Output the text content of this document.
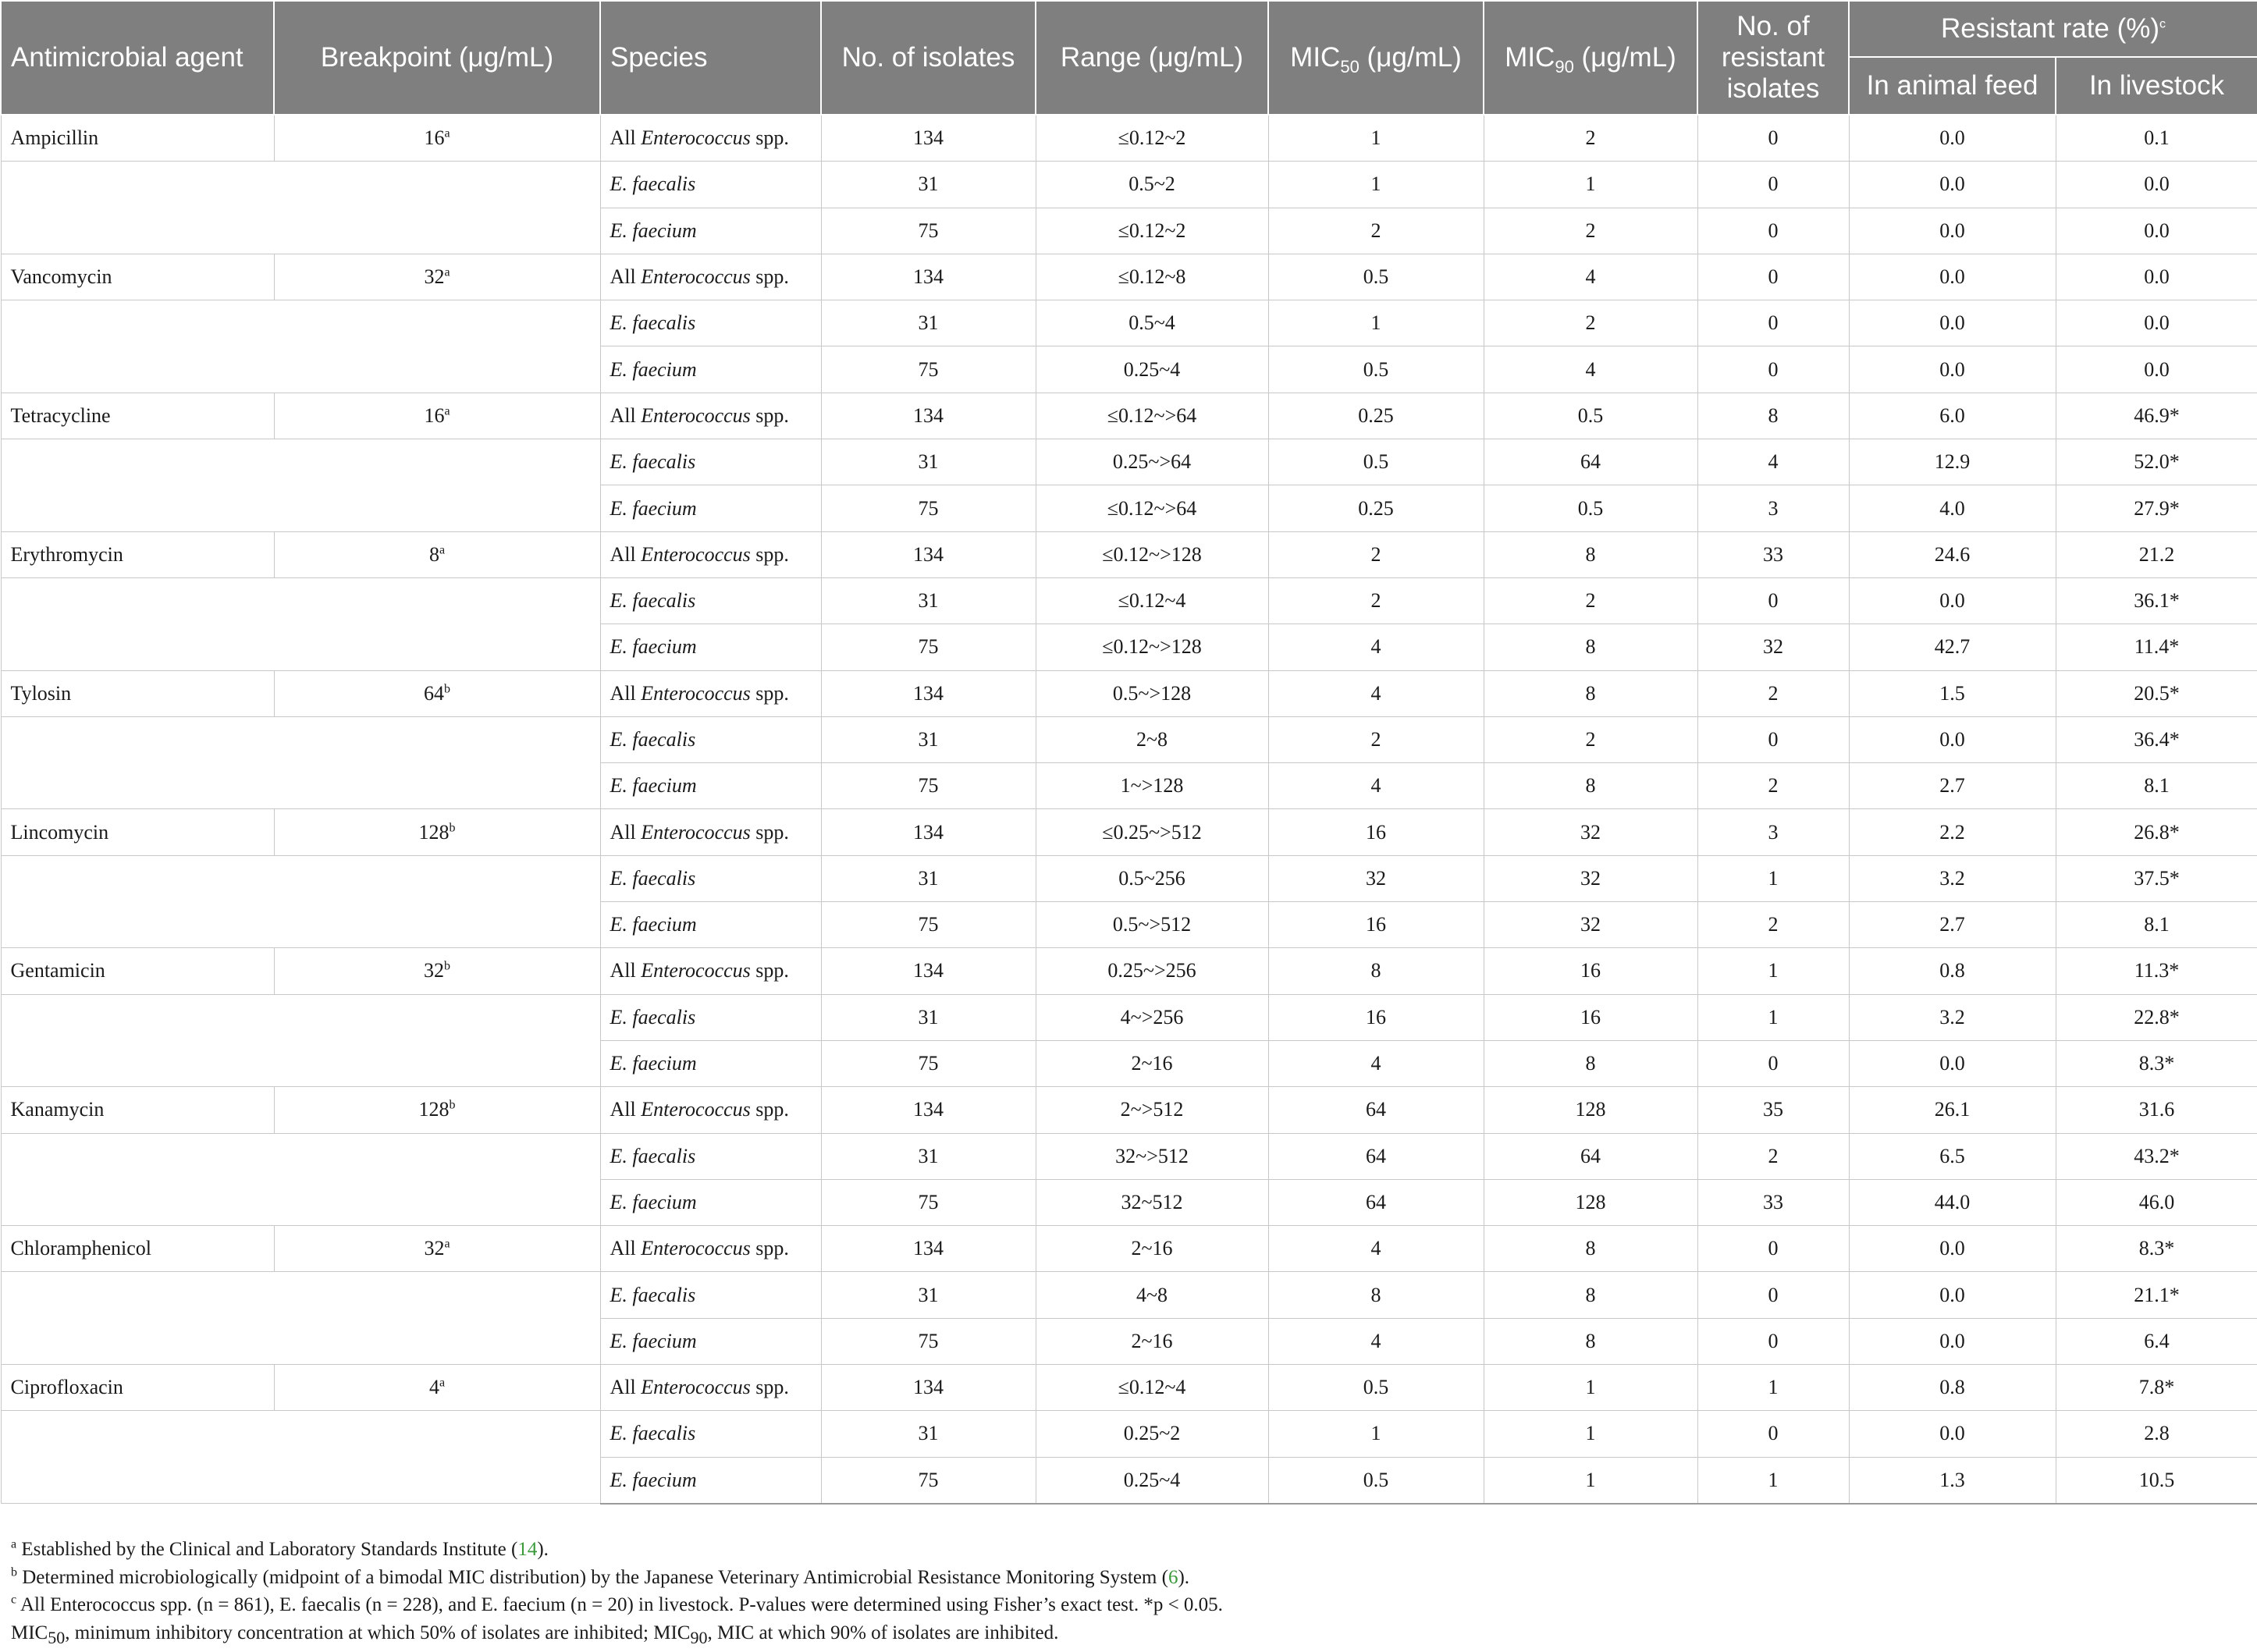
Antimicrobial agent	Breakpoint (μg/mL)	Species	No. of isolates	Range (μg/mL)	$MIC_{50}$ (μg/mL)	$MIC_{90}$ (μg/mL)	No. of resistant isolates	Resistant rate (%)$^c$
								In animal feed	In livestock
Ampicillin	16$^a$	All Enterococcus spp.	134	≤0.12~2	1	2	0	0.0	0.1
		E. faecalis	31	0.5~2	1	1	0	0.0	0.0
		E. faecium	75	≤0.12~2	2	2	0	0.0	0.0
Vancomycin	32$^a$	All Enterococcus spp.	134	≤0.12~8	0.5	4	0	0.0	0.0
		E. faecalis	31	0.5~4	1	2	0	0.0	0.0
		E. faecium	75	0.25~4	0.5	4	0	0.0	0.0
Tetracycline	16$^a$	All Enterococcus spp.	134	≤0.12~>64	0.25	0.5	8	6.0	46.9*
		E. faecalis	31	0.25~>64	0.5	64	4	12.9	52.0*
		E. faecium	75	≤0.12~>64	0.25	0.5	3	4.0	27.9*
Erythromycin	8$^a$	All Enterococcus spp.	134	≤0.12~>128	2	8	33	24.6	21.2
		E. faecalis	31	≤0.12~4	2	2	0	0.0	36.1*
		E. faecium	75	≤0.12~>128	4	8	32	42.7	11.4*
Tylosin	64$^b$	All Enterococcus spp.	134	0.5~>128	4	8	2	1.5	20.5*
		E. faecalis	31	2~8	2	2	0	0.0	36.4*
		E. faecium	75	1~>128	4	8	2	2.7	8.1
Lincomycin	128$^b$	All Enterococcus spp.	134	≤0.25~>512	16	32	3	2.2	26.8*
		E. faecalis	31	0.5~256	32	32	1	3.2	37.5*
		E. faecium	75	0.5~>512	16	32	2	2.7	8.1
Gentamicin	32$^b$	All Enterococcus spp.	134	0.25~>256	8	16	1	0.8	11.3*
		E. faecalis	31	4~>256	16	16	1	3.2	22.8*
		E. faecium	75	2~16	4	8	0	0.0	8.3*
Kanamycin	128$^b$	All Enterococcus spp.	134	2~>512	64	128	35	26.1	31.6
		E. faecalis	31	32~>512	64	64	2	6.5	43.2*
		E. faecium	75	32~512	64	128	33	44.0	46.0
Chloramphenicol	32$^a$	All Enterococcus spp.	134	2~16	4	8	0	0.0	8.3*
		E. faecalis	31	4~8	8	8	0	0.0	21.1*
		E. faecium	75	2~16	4	8	0	0.0	6.4
Ciprofloxacin	4$^a$	All Enterococcus spp.	134	≤0.12~4	0.5	1	1	0.8	7.8*
		E. faecalis	31	0.25~2	1	1	0	0.0	2.8
		E. faecium	75	0.25~4	0.5	1	1	1.3	10.5

$^a$ Established by the Clinical and Laboratory Standards Institute (14).

$^b$ Determined microbiologically (midpoint of a bimodal MIC distribution) by the Japanese Veterinary Antimicrobial Resistance Monitoring System (6).

$^c$ All Enterococcus spp. (n = 861), E. faecalis (n = 228), and E. faecium (n = 20) in livestock. P-values were determined using Fisher’s exact test. *p < 0.05.

$MIC_{50}$, minimum inhibitory concentration at which 50% of isolates are inhibited; $MIC_{90}$, MIC at which 90% of isolates are inhibited.
